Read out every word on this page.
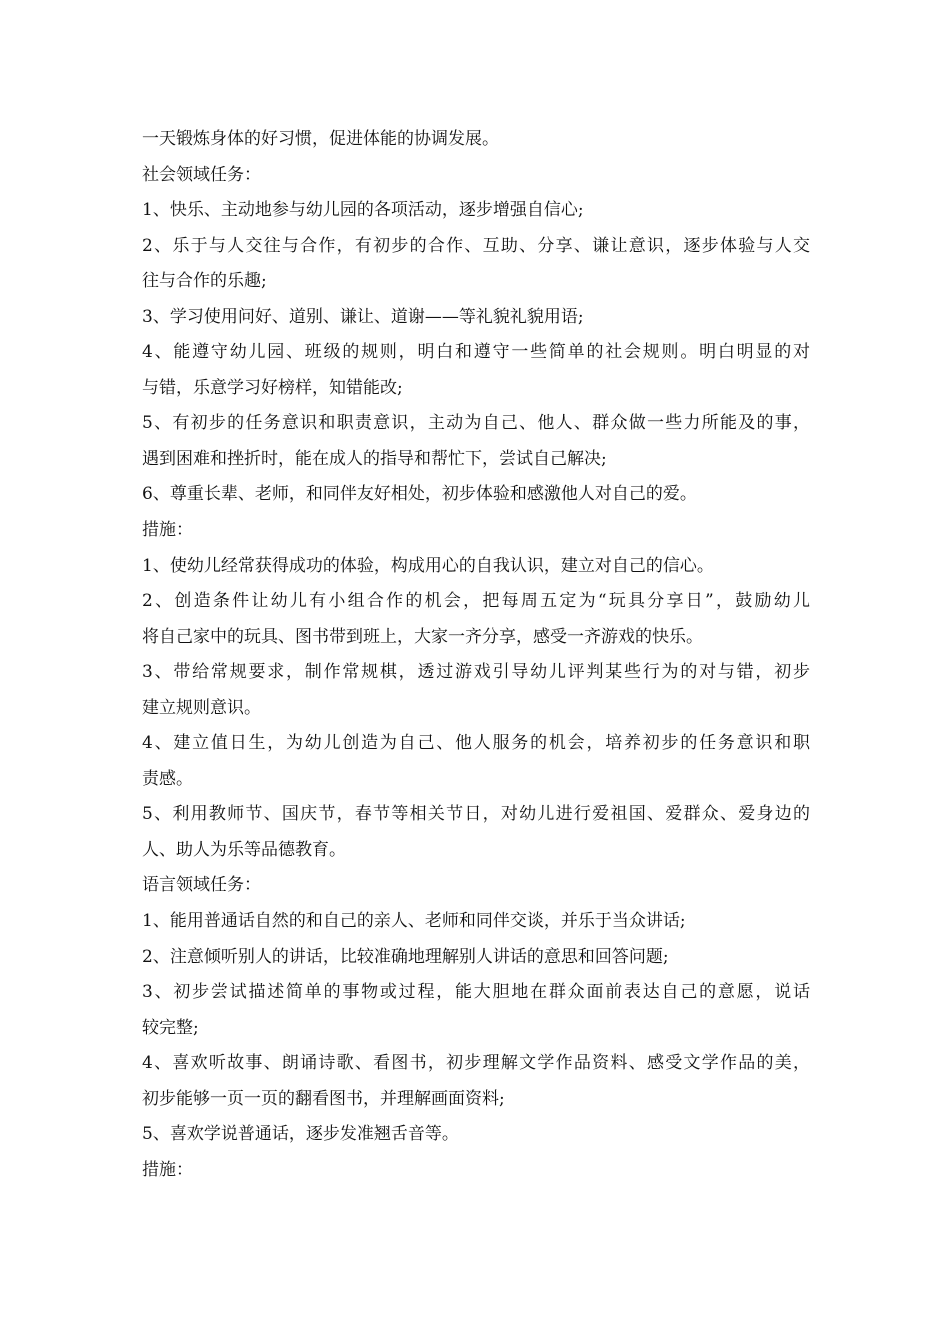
一天锻炼身体的好习惯，促进体能的协调发展。
社会领域任务：
1、快乐、主动地参与幼儿园的各项活动，逐步增强自信心;
2、乐于与人交往与合作，有初步的合作、互助、分享、谦让意识，逐步体验与人交
往与合作的乐趣;
3、学习使用问好、道别、谦让、道谢——等礼貌礼貌用语;
4、能遵守幼儿园、班级的规则，明白和遵守一些简单的社会规则。明白明显的对
与错，乐意学习好榜样，知错能改;
5、有初步的任务意识和职责意识，主动为自己、他人、群众做一些力所能及的事，
遇到困难和挫折时，能在成人的指导和帮忙下，尝试自己解决;
6、尊重长辈、老师，和同伴友好相处，初步体验和感激他人对自己的爱。
措施：
1、使幼儿经常获得成功的体验，构成用心的自我认识，建立对自己的信心。
2、创造条件让幼儿有小组合作的机会，把每周五定为“玩具分享日”，鼓励幼儿
将自己家中的玩具、图书带到班上，大家一齐分享，感受一齐游戏的快乐。
3、带给常规要求，制作常规棋，透过游戏引导幼儿评判某些行为的对与错，初步
建立规则意识。
4、建立值日生，为幼儿创造为自己、他人服务的机会，培养初步的任务意识和职
责感。
5、利用教师节、国庆节，春节等相关节日，对幼儿进行爱祖国、爱群众、爱身边的
人、助人为乐等品德教育。
语言领域任务：
1、能用普通话自然的和自己的亲人、老师和同伴交谈，并乐于当众讲话;
2、注意倾听别人的讲话，比较准确地理解别人讲话的意思和回答问题;
3、初步尝试描述简单的事物或过程，能大胆地在群众面前表达自己的意愿，说话
较完整;
4、喜欢听故事、朗诵诗歌、看图书，初步理解文学作品资料、感受文学作品的美，
初步能够一页一页的翻看图书，并理解画面资料;
5、喜欢学说普通话，逐步发准翘舌音等。
措施：
